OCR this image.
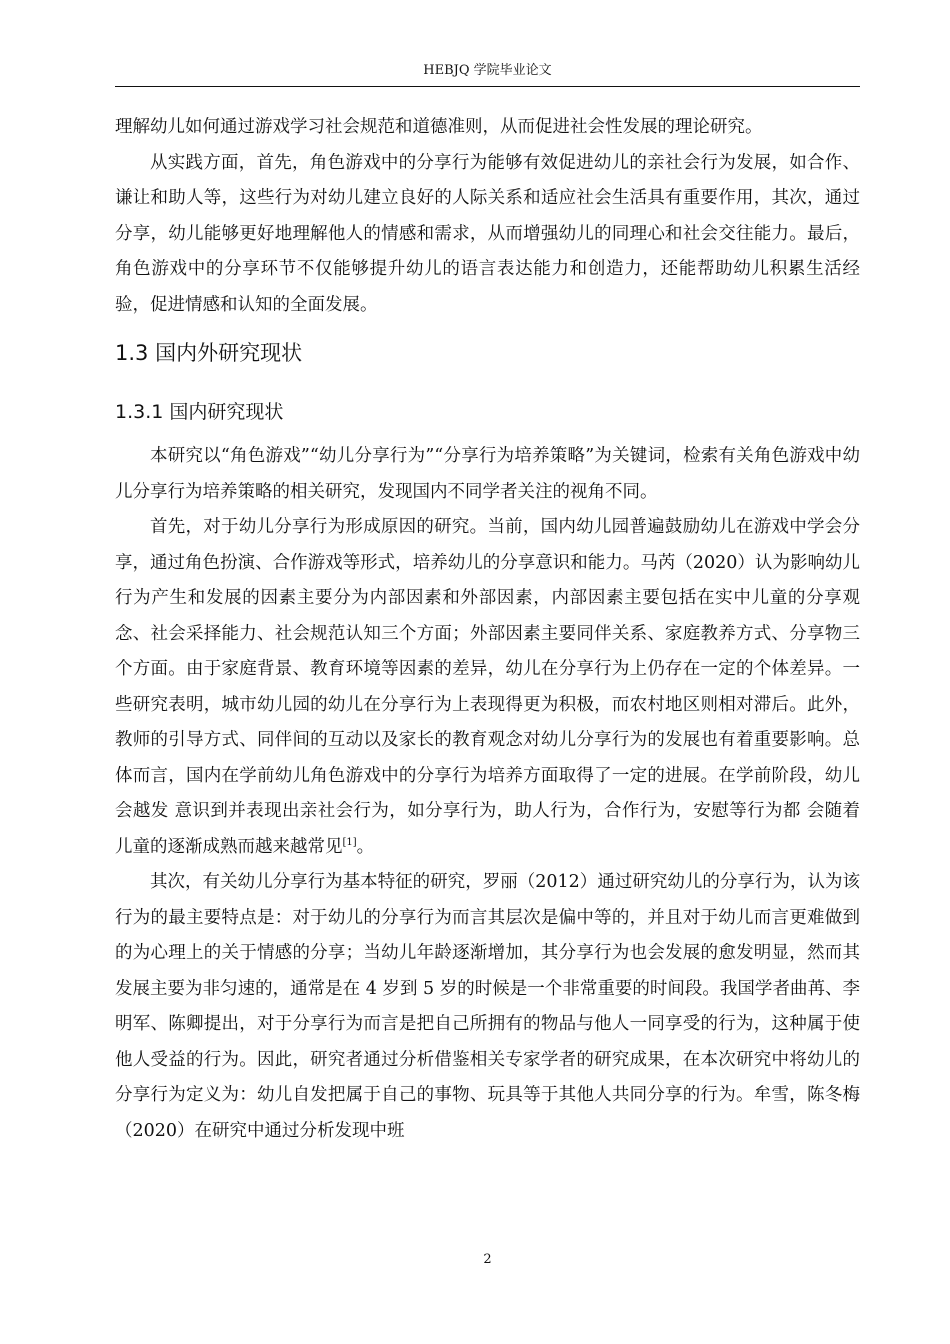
HEBJQ 学院毕业论文

理解幼儿如何通过游戏学习社会规范和道德准则，从而促进社会性发展的理论研究。

从实践方面，首先，角色游戏中的分享行为能够有效促进幼儿的亲社会行为发展，如合作、谦让和助人等，这些行为对幼儿建立良好的人际关系和适应社会生活具有重要作用，其次，通过分享，幼儿能够更好地理解他人的情感和需求，从而增强幼儿的同理心和社会交往能力。最后，角色游戏中的分享环节不仅能够提升幼儿的语言表达能力和创造力，还能帮助幼儿积累生活经验，促进情感和认知的全面发展。

1.3 国内外研究现状
1.3.1 国内研究现状

本研究以“角色游戏”“幼儿分享行为”“分享行为培养策略”为关键词，检索有关角色游戏中幼儿分享行为培养策略的相关研究，发现国内不同学者关注的视角不同。

首先，对于幼儿分享行为形成原因的研究。当前，国内幼儿园普遍鼓励幼儿在游戏中学会分享，通过角色扮演、合作游戏等形式，培养幼儿的分享意识和能力。马芮（2020）认为影响幼儿行为产生和发展的因素主要分为内部因素和外部因素，内部因素主要包括在实中儿童的分享观念、社会采择能力、社会规范认知三个方面；外部因素主要同伴关系、家庭教养方式、分享物三个方面。由于家庭背景、教育环境等因素的差异，幼儿在分享行为上仍存在一定的个体差异。一些研究表明，城市幼儿园的幼儿在分享行为上表现得更为积极，而农村地区则相对滞后。此外，教师的引导方式、同伴间的互动以及家长的教育观念对幼儿分享行为的发展也有着重要影响。总体而言，国内在学前幼儿角色游戏中的分享行为培养方面取得了一定的进展。在学前阶段，幼儿会越发 意识到并表现出亲社会行为，如分享行为，助人行为，合作行为，安慰等行为都 会随着儿童的逐渐成熟而越来越常见[1]。

其次，有关幼儿分享行为基本特征的研究，罗丽（2012）通过研究幼儿的分享行为，认为该行为的最主要特点是：对于幼儿的分享行为而言其层次是偏中等的，并且对于幼儿而言更难做到的为心理上的关于情感的分享；当幼儿年龄逐渐增加，其分享行为也会发展的愈发明显，然而其发展主要为非匀速的，通常是在 4 岁到 5 岁的时候是一个非常重要的时间段。我国学者曲苒、李明军、陈卿提出，对于分享行为而言是把自己所拥有的物品与他人一同享受的行为，这种属于使他人受益的行为。因此，研究者通过分析借鉴相关专家学者的研究成果，在本次研究中将幼儿的分享行为定义为：幼儿自发把属于自己的事物、玩具等于其他人共同分享的行为。牟雪，陈冬梅（2020）在研究中通过分析发现中班

2
